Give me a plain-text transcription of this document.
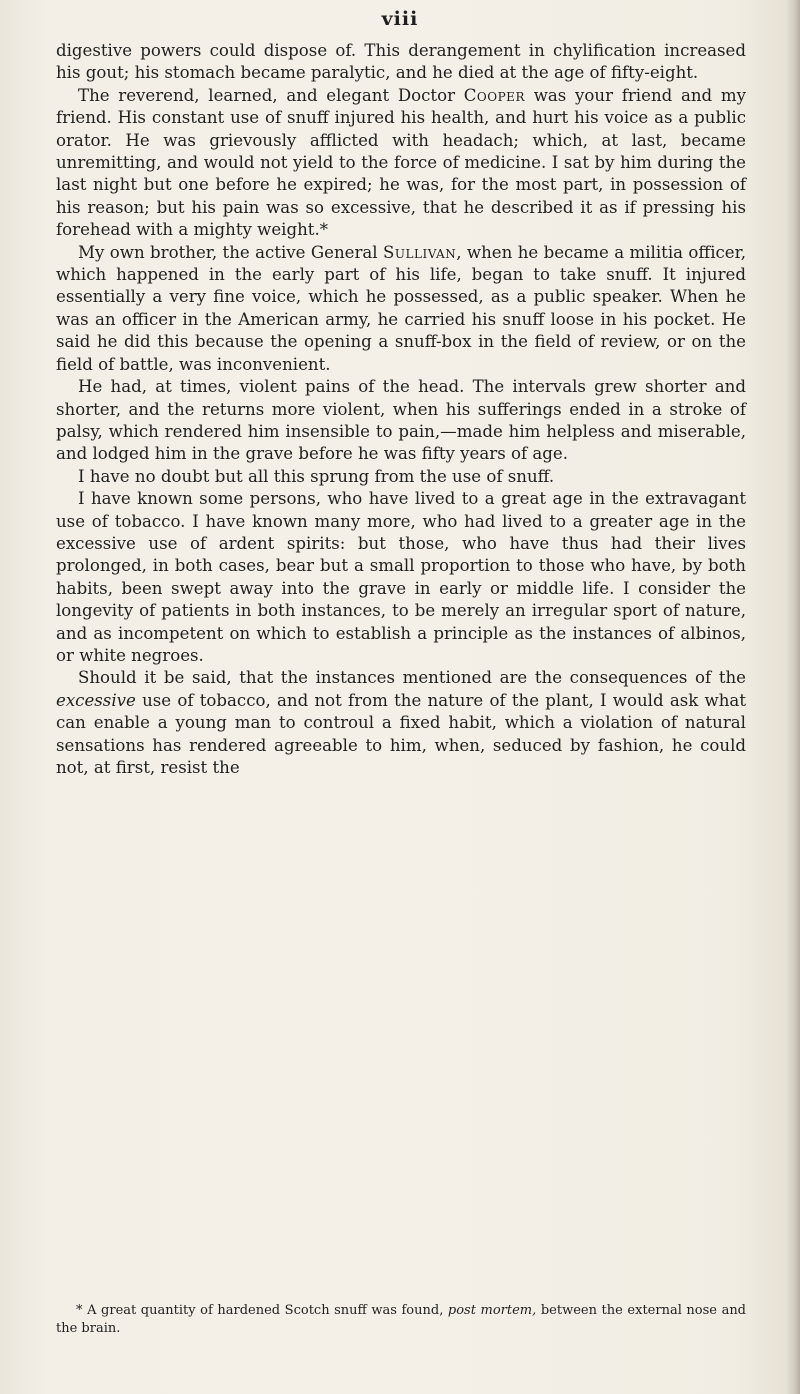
viii

digestive powers could dispose of. This derangement in chylification increased his gout; his stomach became paralytic, and he died at the age of fifty-eight.

The reverend, learned, and elegant Doctor Cooper was your friend and my friend. His constant use of snuff injured his health, and hurt his voice as a public orator. He was grievously afflicted with headach; which, at last, became unremitting, and would not yield to the force of medicine. I sat by him during the last night but one before he expired; he was, for the most part, in possession of his reason; but his pain was so excessive, that he described it as if pressing his forehead with a mighty weight.*

My own brother, the active General Sullivan, when he became a militia officer, which happened in the early part of his life, began to take snuff. It injured essentially a very fine voice, which he possessed, as a public speaker. When he was an officer in the American army, he carried his snuff loose in his pocket. He said he did this because the opening a snuff-box in the field of review, or on the field of battle, was inconvenient.

He had, at times, violent pains of the head. The intervals grew shorter and shorter, and the returns more violent, when his sufferings ended in a stroke of palsy, which rendered him insensible to pain,—made him helpless and miserable, and lodged him in the grave before he was fifty years of age.

I have no doubt but all this sprung from the use of snuff.

I have known some persons, who have lived to a great age in the extravagant use of tobacco. I have known many more, who had lived to a greater age in the excessive use of ardent spirits: but those, who have thus had their lives prolonged, in both cases, bear but a small proportion to those who have, by both habits, been swept away into the grave in early or middle life. I consider the longevity of patients in both instances, to be merely an irregular sport of nature, and as incompetent on which to establish a principle as the instances of albinos, or white negroes.

Should it be said, that the instances mentioned are the consequences of the excessive use of tobacco, and not from the nature of the plant, I would ask what can enable a young man to controul a fixed habit, which a violation of natural sensations has rendered agreeable to him, when, seduced by fashion, he could not, at first, resist the

* A great quantity of hardened Scotch snuff was found, post mortem, between the external nose and the brain.
